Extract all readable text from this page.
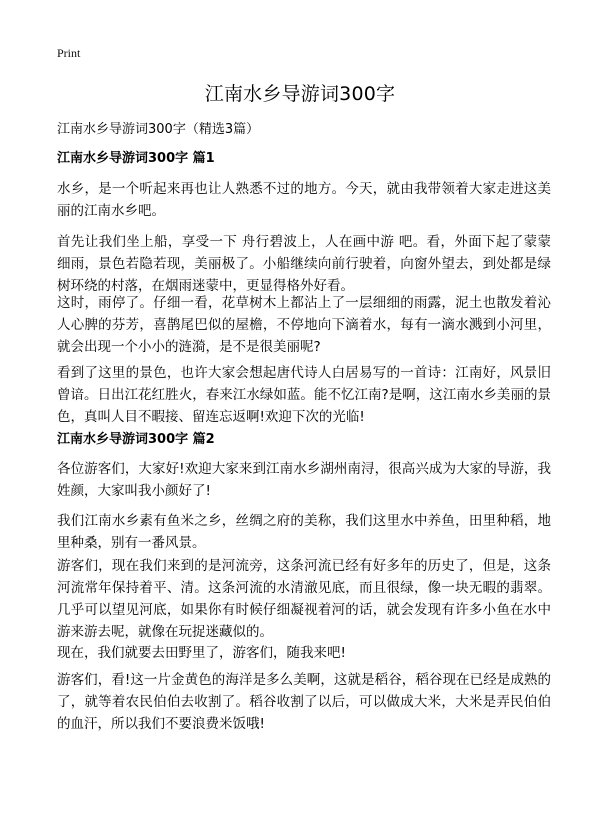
Print
江南水乡导游词300字
江南水乡导游词300字（精选3篇）
江南水乡导游词300字 篇1

水乡，是一个听起来再也让人熟悉不过的地方。今天，就由我带领着大家走进这美丽的江南水乡吧。

首先让我们坐上船，享受一下 舟行碧波上，人在画中游 吧。看，外面下起了蒙蒙细雨，景色若隐若现，美丽极了。小船继续向前行驶着，向窗外望去，到处都是绿树环绕的村落，在烟雨迷蒙中，更显得格外好看。

这时，雨停了。仔细一看，花草树木上都沾上了一层细细的雨露，泥土也散发着沁人心脾的芬芳，喜鹊尾巴似的屋檐，不停地向下滴着水，每有一滴水溅到小河里，就会出现一个小小的涟漪，是不是很美丽呢?

看到了这里的景色，也许大家会想起唐代诗人白居易写的一首诗：江南好，风景旧曾谙。日出江花红胜火，春来江水绿如蓝。能不忆江南?是啊，这江南水乡美丽的景色，真叫人目不暇接、留连忘返啊!欢迎下次的光临!

江南水乡导游词300字 篇2

各位游客们，大家好!欢迎大家来到江南水乡湖州南浔，很高兴成为大家的导游，我姓颜，大家叫我小颜好了!

我们江南水乡素有鱼米之乡，丝绸之府的美称，我们这里水中养鱼，田里种稻，地里种桑，别有一番风景。

游客们，现在我们来到的是河流旁，这条河流已经有好多年的历史了，但是，这条河流常年保持着平、清。这条河流的水清澈见底，而且很绿，像一块无暇的翡翠。几乎可以望见河底，如果你有时候仔细凝视着河的话，就会发现有许多小鱼在水中游来游去呢，就像在玩捉迷藏似的。

现在，我们就要去田野里了，游客们，随我来吧!

游客们，看!这一片金黄色的海洋是多么美啊，这就是稻谷，稻谷现在已经是成熟的了，就等着农民伯伯去收割了。稻谷收割了以后，可以做成大米，大米是弄民伯伯的血汗，所以我们不要浪费米饭哦!
